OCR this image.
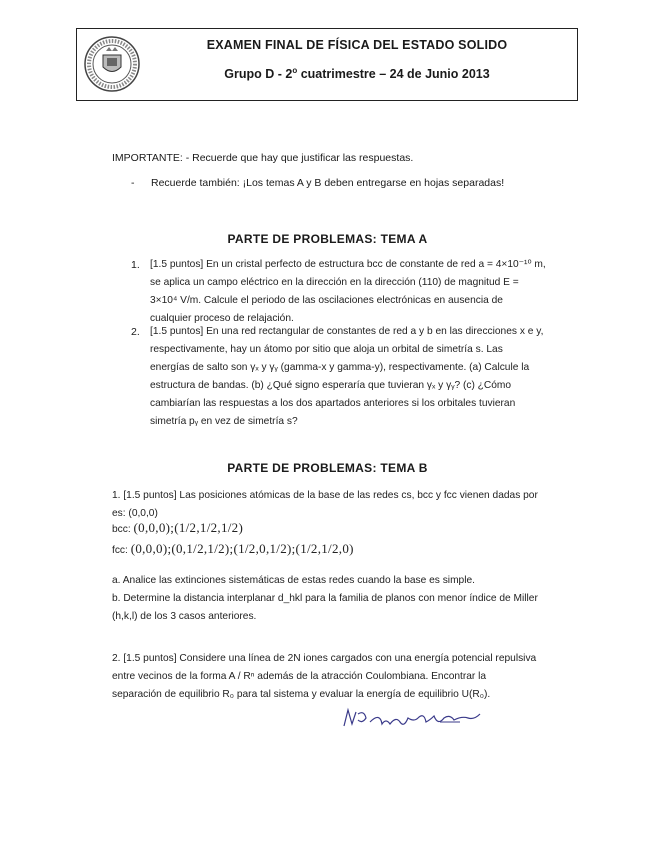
EXAMEN FINAL DE FÍSICA DEL ESTADO SOLIDO
Grupo D - 2$^o$ cuatrimestre – 24 de Junio 2013
IMPORTANTE: - Recuerde que hay que justificar las respuestas.
- Recuerde también: ¡Los temas A y B deben entregarse en hojas separadas!
PARTE DE PROBLEMAS: TEMA A
1. [1.5 puntos] En un cristal perfecto de estructura bcc de constante de red a = 4×10⁻¹⁰ m,
se aplica un campo eléctrico en la dirección en la dirección (110) de magnitud E =
3×10⁴ V/m. Calcule el periodo de las oscilaciones electrónicas en ausencia de
cualquier proceso de relajación.
2. [1.5 puntos] En una red rectangular de constantes de red a y b en las direcciones x e y,
respectivamente, hay un átomo por sitio que aloja un orbital de simetría s. Las
energías de salto son γₓ y γᵧ (gamma-x y gamma-y), respectivamente. (a) Calcule la
estructura de bandas. (b) ¿Qué signo esperaría que tuvieran γₓ y γᵧ? (c) ¿Cómo
cambiarían las respuestas a los dos apartados anteriores si los orbitales tuvieran
simetría pᵧ en vez de simetría s?
PARTE DE PROBLEMAS: TEMA B
1. [1.5 puntos] Las posiciones atómicas de la base de las redes cs, bcc y fcc vienen dadas por
es: (0,0,0)
bcc: (0,0,0);(1/2,1/2,1/2)
fcc: (0,0,0);(0,1/2,1/2);(1/2,0,1/2);(1/2,1/2,0)
a. Analice las extinciones sistemáticas de estas redes cuando la base es simple.
b. Determine la distancia interplanar d_hkl para la familia de planos con menor índice de Miller
(h,k,l) de los 3 casos anteriores.
2. [1.5 puntos] Considere una línea de 2N iones cargados con una energía potencial repulsiva
entre vecinos de la forma A / Rⁿ además de la atracción Coulombiana. Encontrar la
separación de equilibrio R₀ para tal sistema y evaluar la energía de equilibrio U(R₀).
